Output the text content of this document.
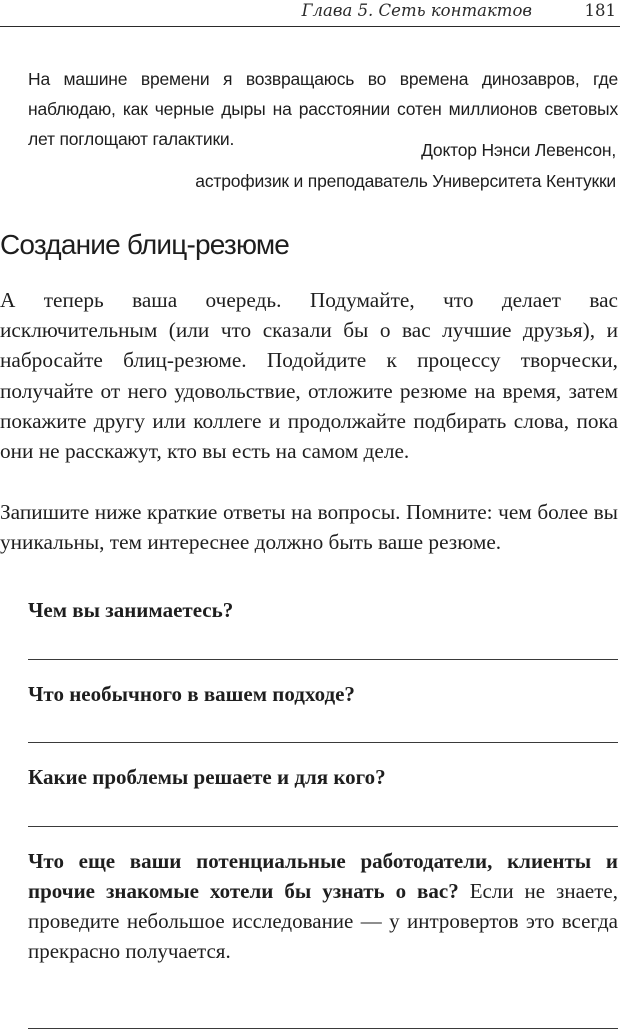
Глава 5. Сеть контактов	181

На машине времени я возвращаюсь во времена динозавров, где наблюдаю, как черные дыры на расстоянии сотен миллионов световых лет поглощают галактики.

Доктор Нэнси Левенсон,
астрофизик и преподаватель Университета Кентукки
Создание блиц-резюме

А теперь ваша очередь. Подумайте, что делает вас исключительным (или что сказали бы о вас лучшие друзья), и набросайте блиц-резюме. Подойдите к процессу творчески, получайте от него удовольствие, отложите резюме на время, затем покажите другу или коллеге и продолжайте подбирать слова, пока они не расскажут, кто вы есть на самом деле.

Запишите ниже краткие ответы на вопросы. Помните: чем более вы уникальны, тем интереснее должно быть ваше резюме.

Чем вы занимаетесь?

Что необычного в вашем подходе?

Какие проблемы решаете и для кого?

Что еще ваши потенциальные работодатели, клиенты и прочие знакомые хотели бы узнать о вас? Если не знаете, проведите небольшое исследование — у интровертов это всегда прекрасно получается.
